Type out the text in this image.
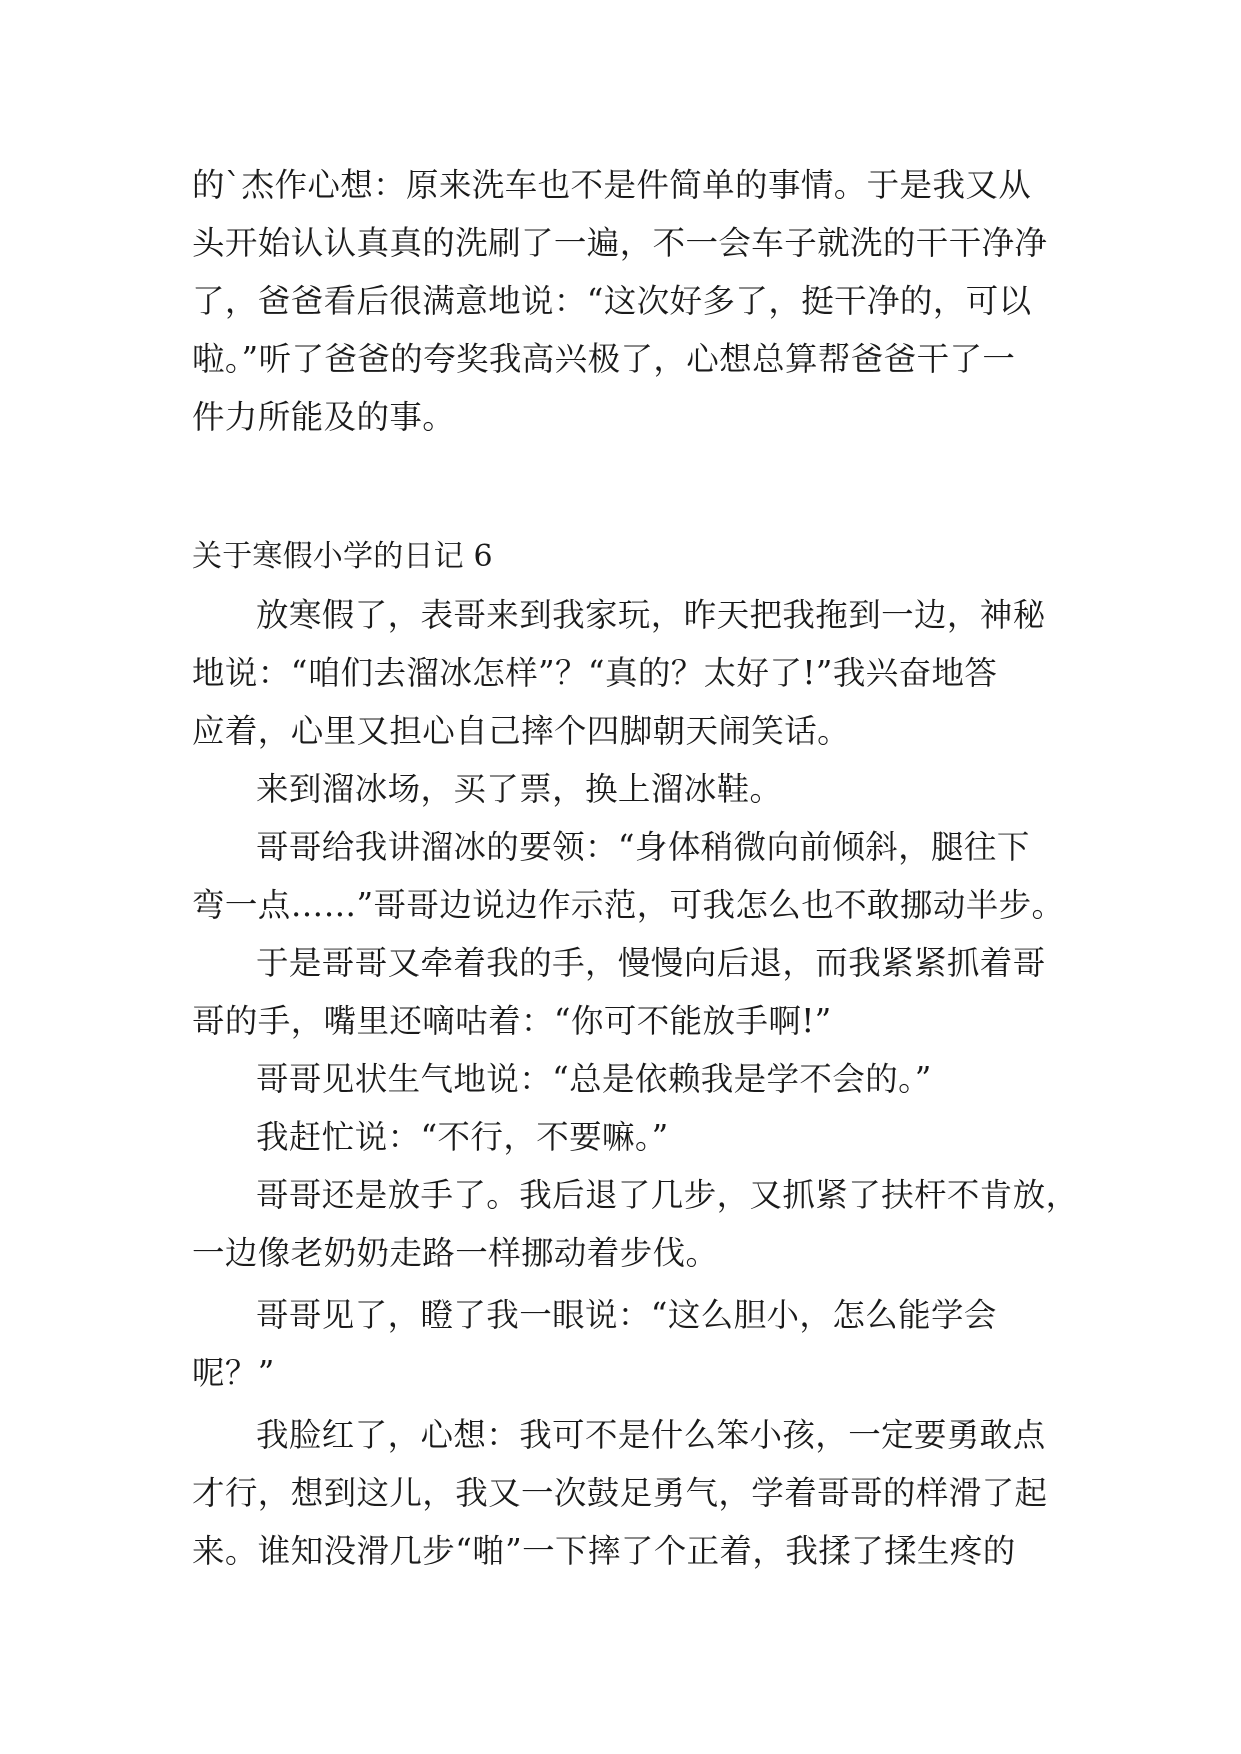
的`杰作心想：原来洗车也不是件简单的事情。于是我又从
头开始认认真真的洗刷了一遍，不一会车子就洗的干干净净
了，爸爸看后很满意地说：“这次好多了，挺干净的，可以
啦。”听了爸爸的夸奖我高兴极了，心想总算帮爸爸干了一
件力所能及的事。
关于寒假小学的日记 6
放寒假了，表哥来到我家玩，昨天把我拖到一边，神秘
地说：“咱们去溜冰怎样”？“真的？太好了!”我兴奋地答
应着，心里又担心自己摔个四脚朝天闹笑话。
来到溜冰场，买了票，换上溜冰鞋。
哥哥给我讲溜冰的要领：“身体稍微向前倾斜，腿往下
弯一点……”哥哥边说边作示范，可我怎么也不敢挪动半步。
于是哥哥又牵着我的手，慢慢向后退，而我紧紧抓着哥
哥的手，嘴里还嘀咕着：“你可不能放手啊!”
哥哥见状生气地说：“总是依赖我是学不会的。”
我赶忙说：“不行，不要嘛。”
哥哥还是放手了。我后退了几步，又抓紧了扶杆不肯放，
一边像老奶奶走路一样挪动着步伐。
哥哥见了，瞪了我一眼说：“这么胆小，怎么能学会
呢？”
我脸红了，心想：我可不是什么笨小孩，一定要勇敢点
才行，想到这儿，我又一次鼓足勇气，学着哥哥的样滑了起
来。谁知没滑几步“啪”一下摔了个正着，我揉了揉生疼的
